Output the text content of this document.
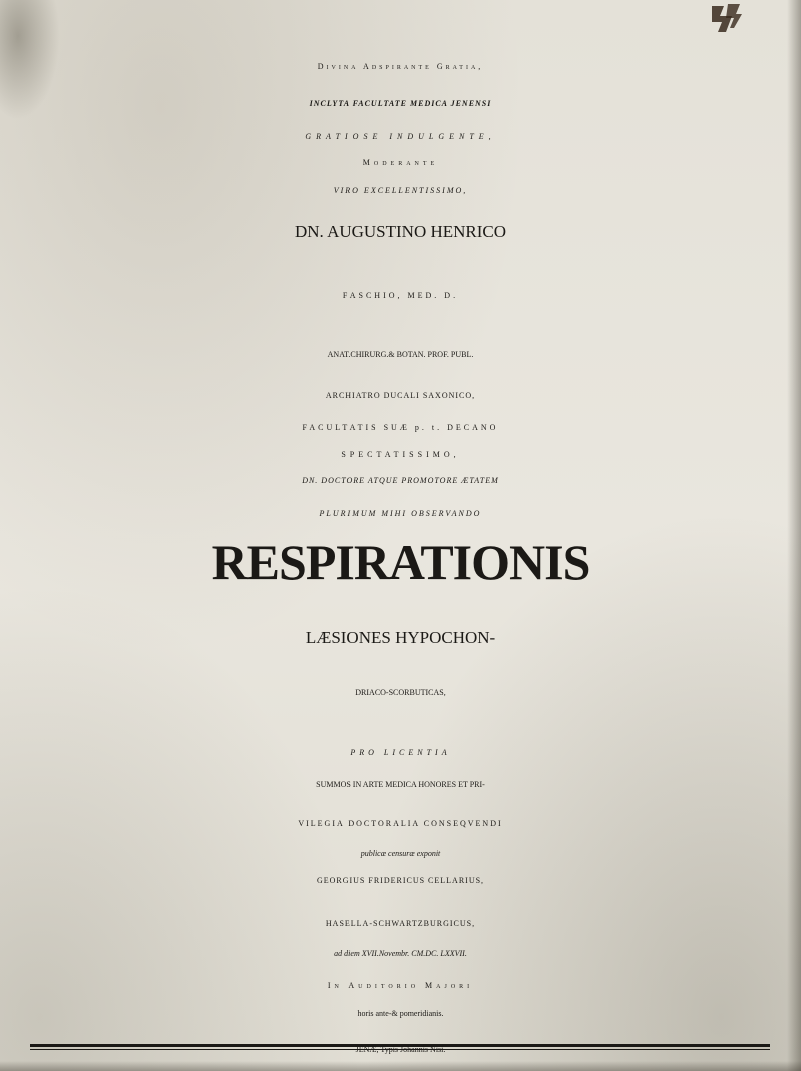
Divina Adspirante Gratia,
INCLYTA FACULTATE MEDICA JENENSI
GRATIOSE INDULGENTE,
Moderante
VIRO EXCELLENTISSIMO,
DN. AUGUSTINO HENRICO
FASCHIO, MED. D.
ANAT.CHIRURG.& BOTAN. PROF. PUBL.
ARCHIATRO DUCALI SAXONICO,
FACULTATIS SUÆ p. t. DECANO
SPECTATISSIMO,
DN. DOCTORE ATQUE PROMOTORE ÆTATEM
PLURIMUM MIHI OBSERVANDO
RESPIRATIONIS
LÆSIONES HYPOCHON-
DRIACO-SCORBUTICAS,
PRO LICENTIA
SUMMOS IN ARTE MEDICA HONORES ET PRI-
VILEGIA DOCTORALIA CONSEQVENDI
publicæ censuræ exponit
GEORGIUS FRIDERICUS CELLARIUS,
HASELLA-SCHWARTZBURGICUS,
ad diem XVII.Novembr. CM.DC. LXXVII.
In Auditorio Majori
horis ante-& pomeridianis.
JENÆ, Typis Johannis Nisi.
